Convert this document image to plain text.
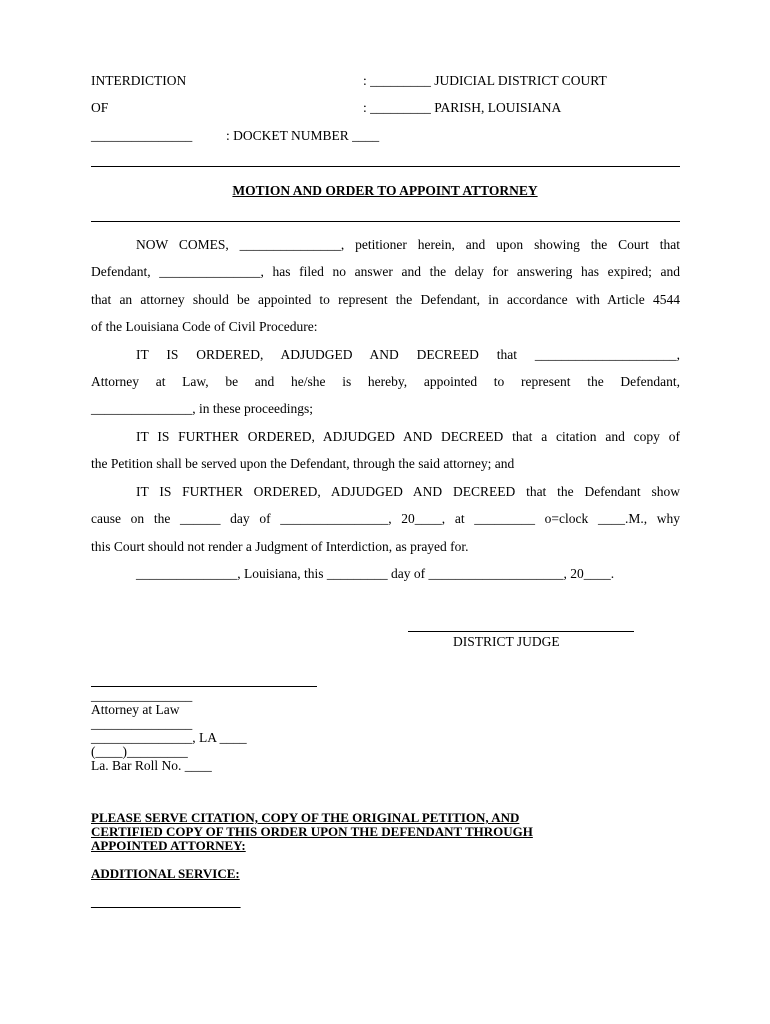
INTERDICTION	: _________ JUDICIAL DISTRICT COURT
OF	: _________ PARISH, LOUISIANA
_______________	: DOCKET NUMBER ____
MOTION AND ORDER TO APPOINT ATTORNEY
NOW COMES, _______________, petitioner herein, and upon showing the Court that
Defendant, _______________, has filed no answer and the delay for answering has expired; and
that an attorney should be appointed to represent the Defendant, in accordance with Article 4544
of the Louisiana Code of Civil Procedure:
IT IS ORDERED, ADJUDGED AND DECREED that _____________________,
Attorney at Law, be and he/she is hereby, appointed to represent the Defendant,
_______________, in these proceedings;
IT IS FURTHER ORDERED, ADJUDGED AND DECREED that a citation and copy of
the Petition shall be served upon the Defendant, through the said attorney; and
IT IS FURTHER ORDERED, ADJUDGED AND DECREED that the Defendant show
cause on the ______ day of ________________, 20____, at _________ o=clock ____.M., why
this Court should not render a Judgment of Interdiction, as prayed for.
_______________, Louisiana, this _________ day of ____________________, 20____.
DISTRICT JUDGE
_______________
Attorney at Law
_______________
_______________, LA ____
(____)_________
La. Bar Roll No. ____
PLEASE SERVE CITATION, COPY OF THE ORIGINAL PETITION, AND
CERTIFIED COPY OF THIS ORDER UPON THE DEFENDANT THROUGH
APPOINTED ATTORNEY:
ADDITIONAL SERVICE:
_______________________
